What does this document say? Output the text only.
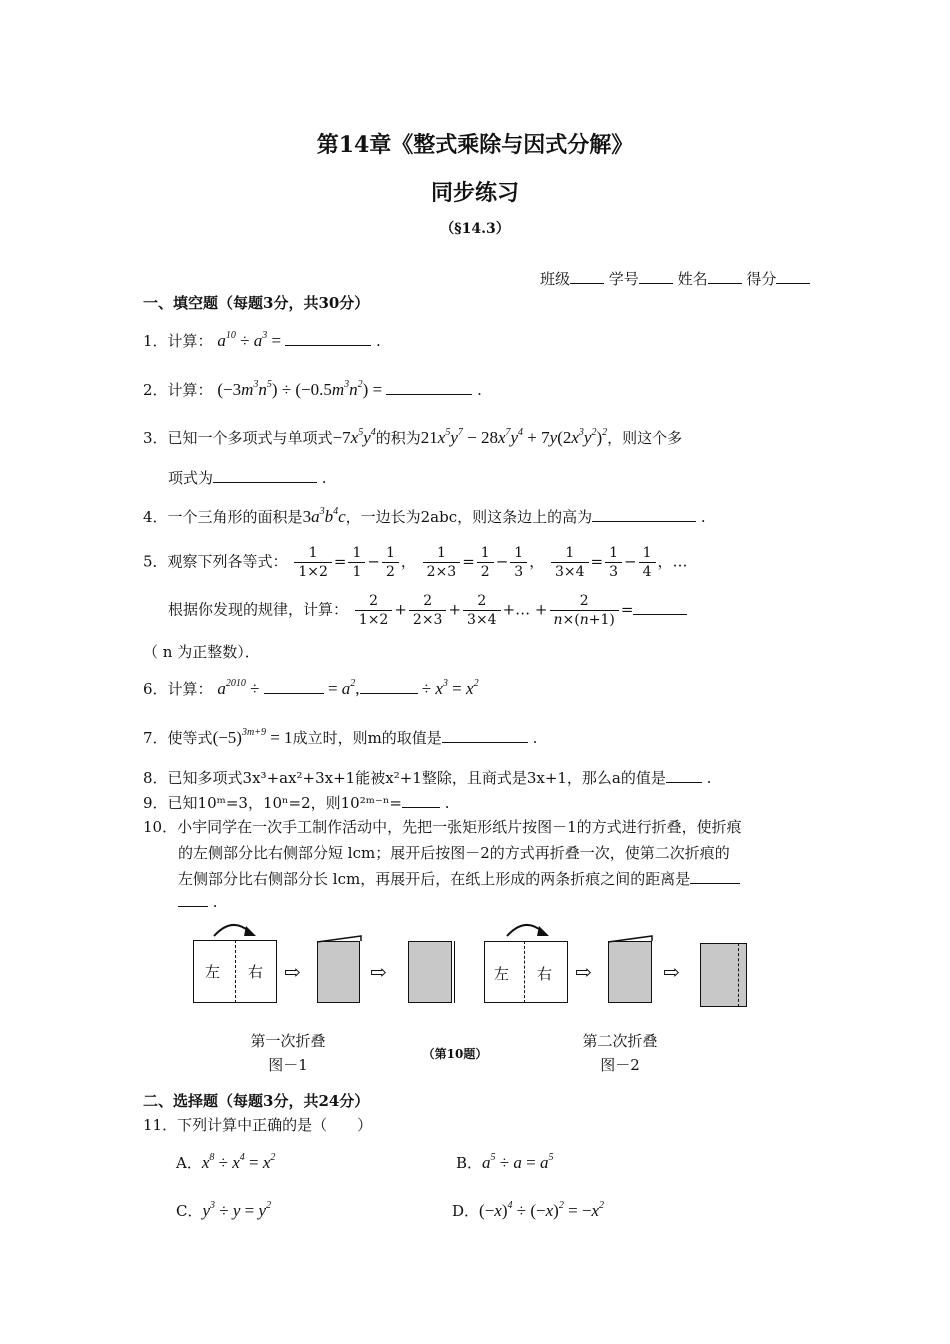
第14章《整式乘除与因式分解》
同步练习
（§14.3）
班级	学号	姓名	得分
一、填空题（每题3分，共30分）
1．计算： $a^{10} \div a^3$ =	.
2．计算： $(-3m^3n^5) \div (-0.5m^3n^2)$ =	.
3．已知一个多项式与单项式$-7x^5y^4$的积为$21x^5y^7 - 28x^7y^4 + 7y(2x^3y^2)^2$，则这个多
项式为	.
4．一个三角形的面积是$3a^3b^4c$，一边长为2abc，则这条边上的高为	.
5．观察下列各等式： $\frac{1}{1\times 2} = \frac{1}{1} - \frac{1}{2}$ ， $\frac{1}{2\times 3} = \frac{1}{2} - \frac{1}{3}$ ， $\frac{1}{3\times 4} = \frac{1}{3} - \frac{1}{4}$ ，…
根据你发现的规律，计算： $\frac{2}{1\times 2} + \frac{2}{2\times 3} + \frac{2}{3\times 4}$ +… + $\frac{2}{n\times(n+1)}$ =
（ n 为正整数）．
6．计算： $a^{2010}$ ÷	= $a^2$,	÷ $x^3 = x^2$
7．使等式$(-5)^{3m+9} = 1$成立时，则m的取值是	.
8．已知多项式3x³+ax²+3x+1能被x²+1整除，且商式是3x+1，那么a的值是 .
9．已知10ᵐ=3，10ⁿ=2，则10²ᵐ⁻ⁿ=	.
10．小宇同学在一次手工制作活动中，先把一张矩形纸片按图－1的方式进行折叠，使折痕
的左侧部分比右侧部分短 lcm；展开后按图－2的方式再折叠一次，使第二次折痕的
左侧部分比右侧部分长 lcm，再展开后，在纸上形成的两条折痕之间的距离是
.
左 右 ⇨	⇨	左 右 ⇨	⇨
第一次折叠
图－1
（第10题）
第二次折叠
图－2
二、选择题（每题3分，共24分）
11．下列计算中正确的是（　　）
A．$x^8 \div x^4 = x^2$	B．$a^5 \div a = a^5$
C．$y^3 \div y = y^2$	D．$(-x)^4 \div (-x)^2 = -x^2$
